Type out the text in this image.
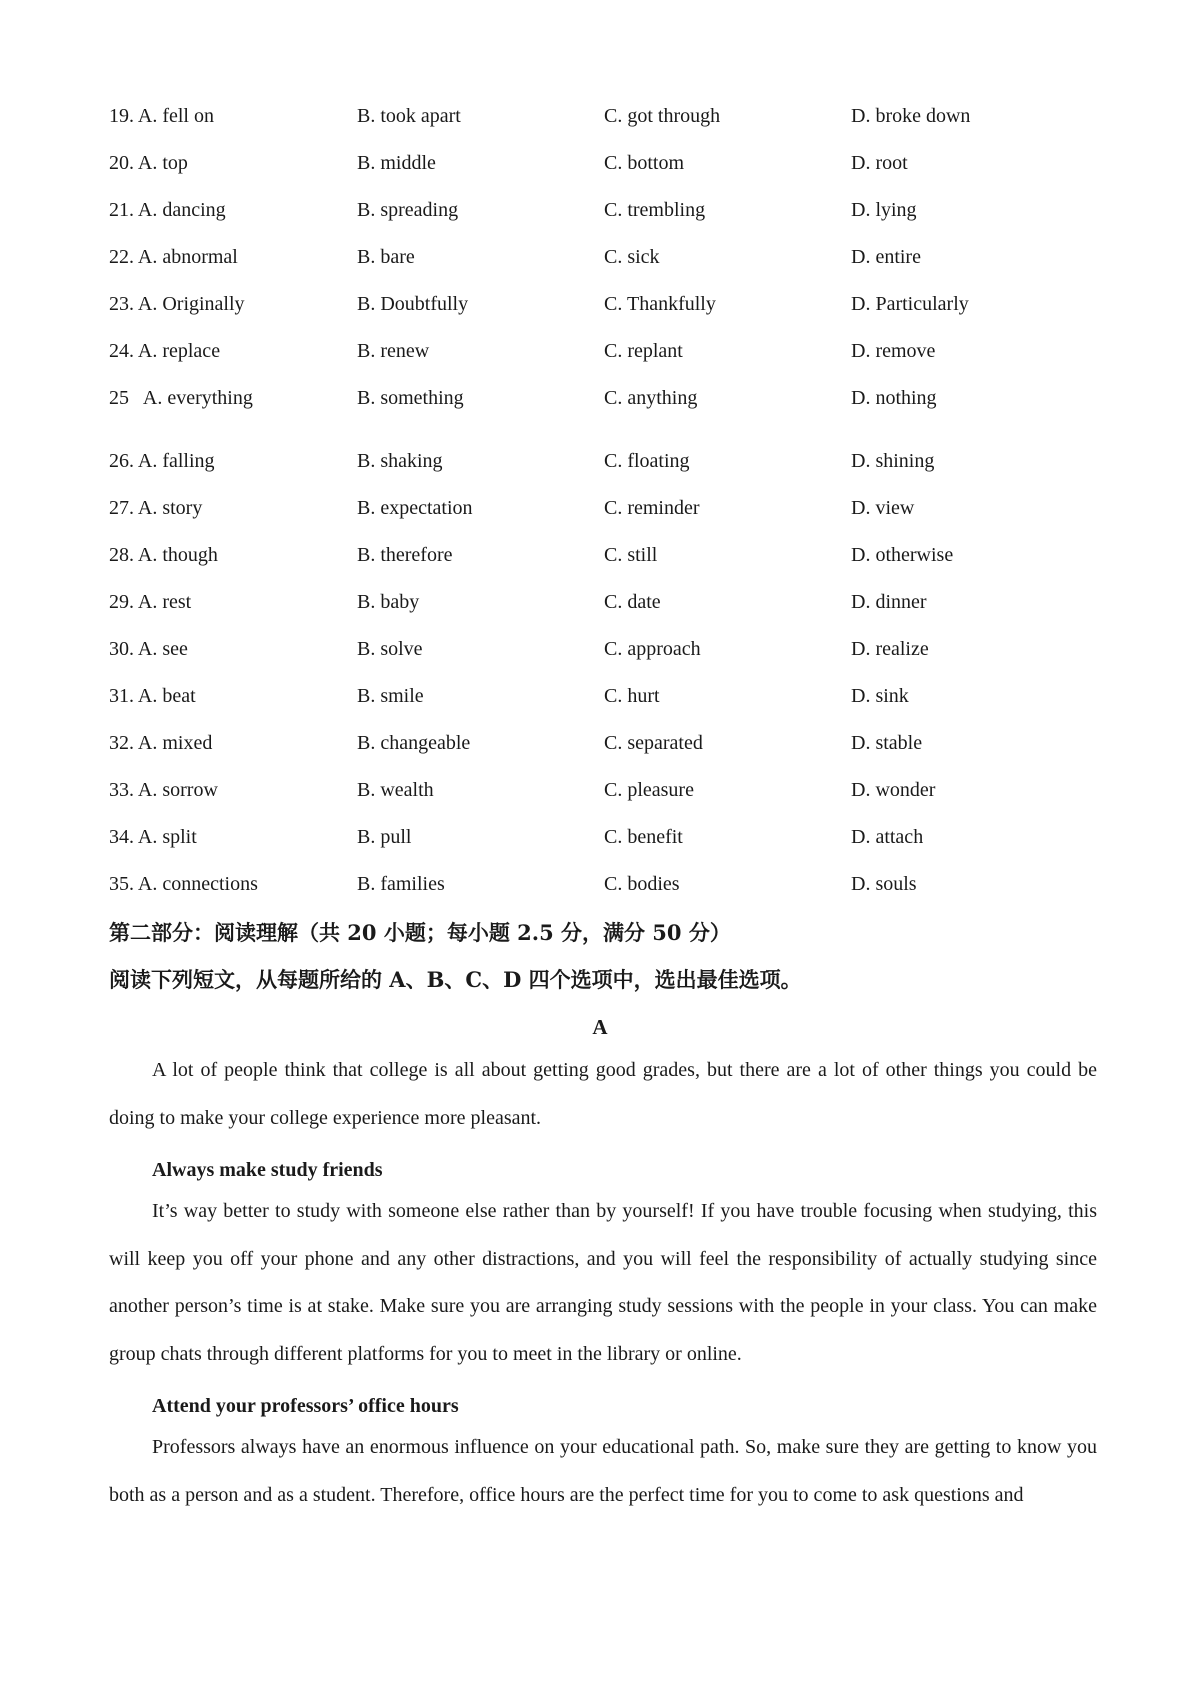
19. A. fell on	B. took apart	C. got through	D. broke down
20. A. top	B. middle	C. bottom	D. root
21. A. dancing	B. spreading	C. trembling	D. lying
22. A. abnormal	B. bare	C. sick	D. entire
23. A. Originally	B. Doubtfully	C. Thankfully	D. Particularly
24. A. replace	B. renew	C. replant	D. remove
25   A. everything	B. something	C. anything	D. nothing
26. A. falling	B. shaking	C. floating	D. shining
27. A. story	B. expectation	C. reminder	D. view
28. A. though	B. therefore	C. still	D. otherwise
29. A. rest	B. baby	C. date	D. dinner
30. A. see	B. solve	C. approach	D. realize
31. A. beat	B. smile	C. hurt	D. sink
32. A. mixed	B. changeable	C. separated	D. stable
33. A. sorrow	B. wealth	C. pleasure	D. wonder
34. A. split	B. pull	C. benefit	D. attach
35. A. connections	B. families	C. bodies	D. souls
第二部分：阅读理解（共 20 小题；每小题 2.5 分，满分 50 分）
阅读下列短文，从每题所给的 A、B、C、D 四个选项中，选出最佳选项。
A
A lot of people think that college is all about getting good grades, but there are a lot of other things you could be doing to make your college experience more pleasant.
Always make study friends
It’s way better to study with someone else rather than by yourself! If you have trouble focusing when studying, this will keep you off your phone and any other distractions, and you will feel the responsibility of actually studying since another person’s time is at stake. Make sure you are arranging study sessions with the people in your class. You can make group chats through different platforms for you to meet in the library or online.
Attend your professors’ office hours
Professors always have an enormous influence on your educational path. So, make sure they are getting to know you both as a person and as a student. Therefore, office hours are the perfect time for you to come to ask questions and
